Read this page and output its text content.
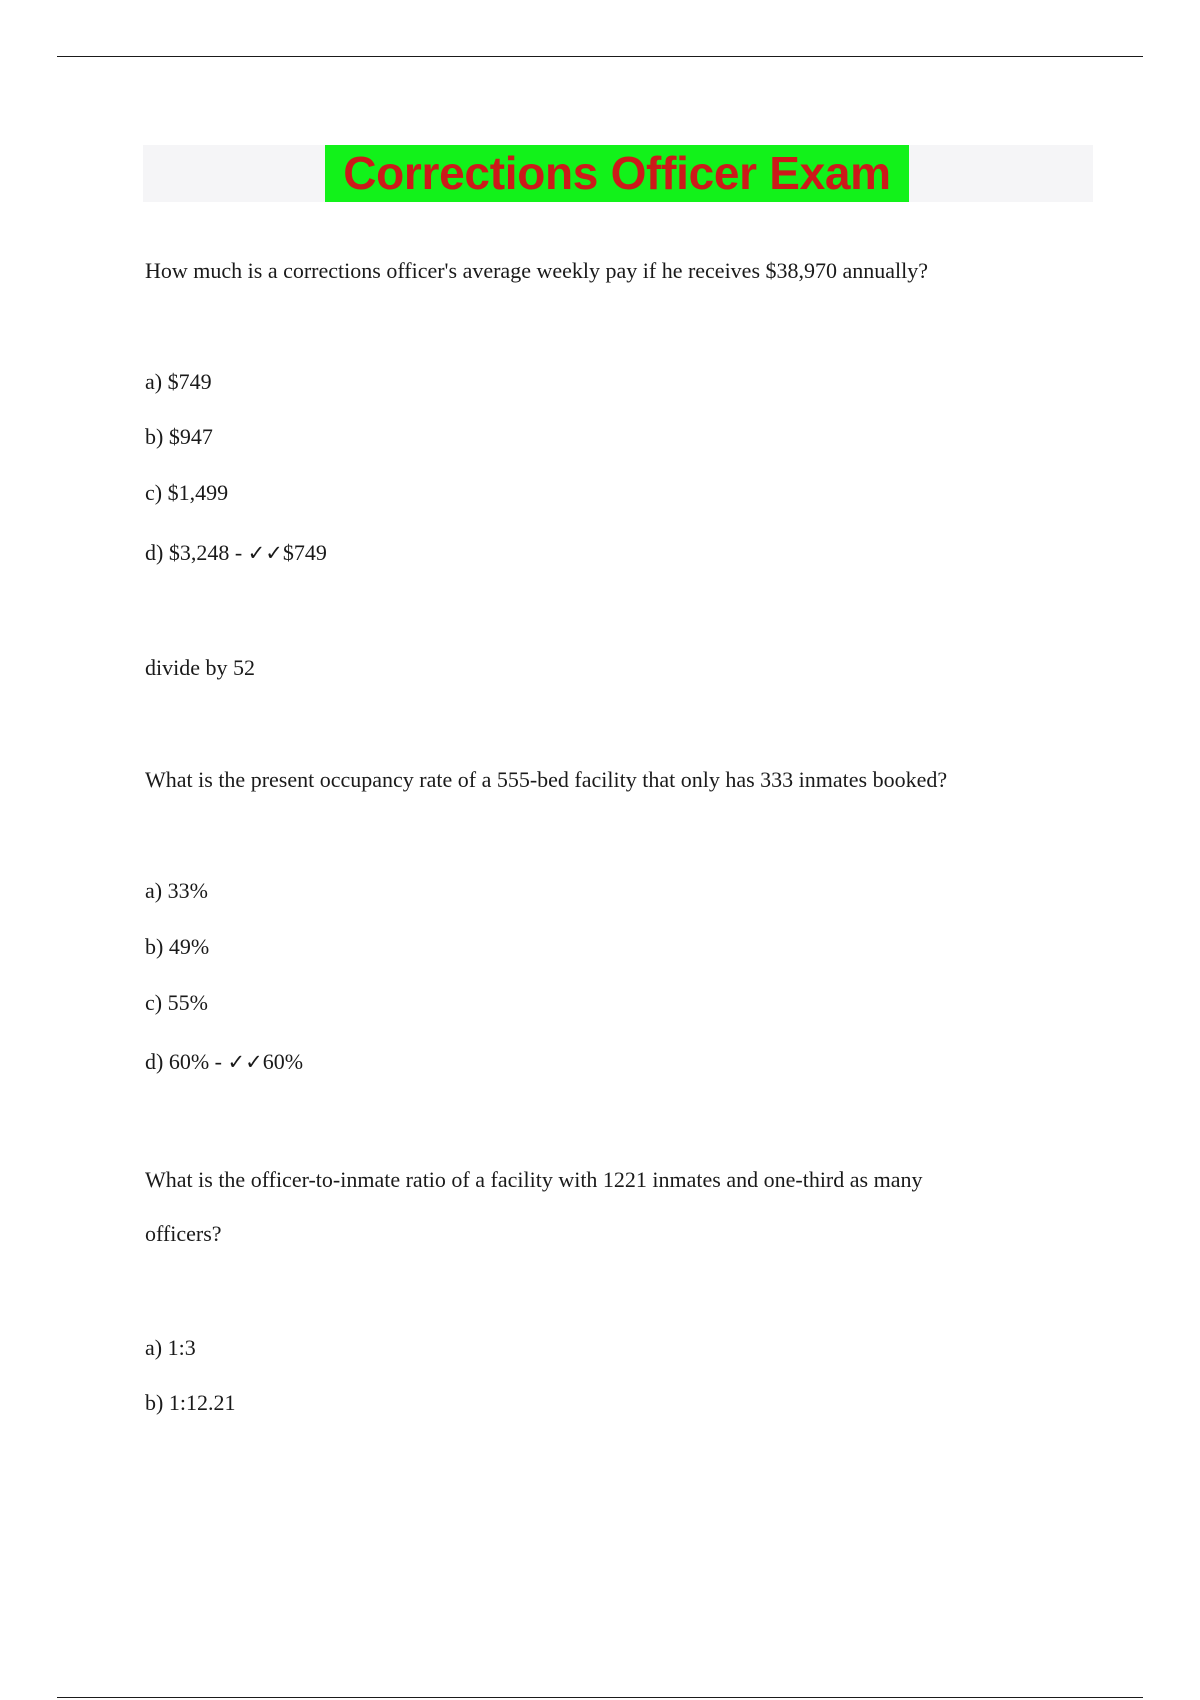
Corrections Officer Exam
How much is a corrections officer's average weekly pay if he receives $38,970 annually?
a) $749
b) $947
c) $1,499
d) $3,248 - ✓✓$749
divide by 52
What is the present occupancy rate of a 555-bed facility that only has 333 inmates booked?
a) 33%
b) 49%
c) 55%
d) 60% - ✓✓60%
What is the officer-to-inmate ratio of a facility with 1221 inmates and one-third as many
officers?
a) 1:3
b) 1:12.21
